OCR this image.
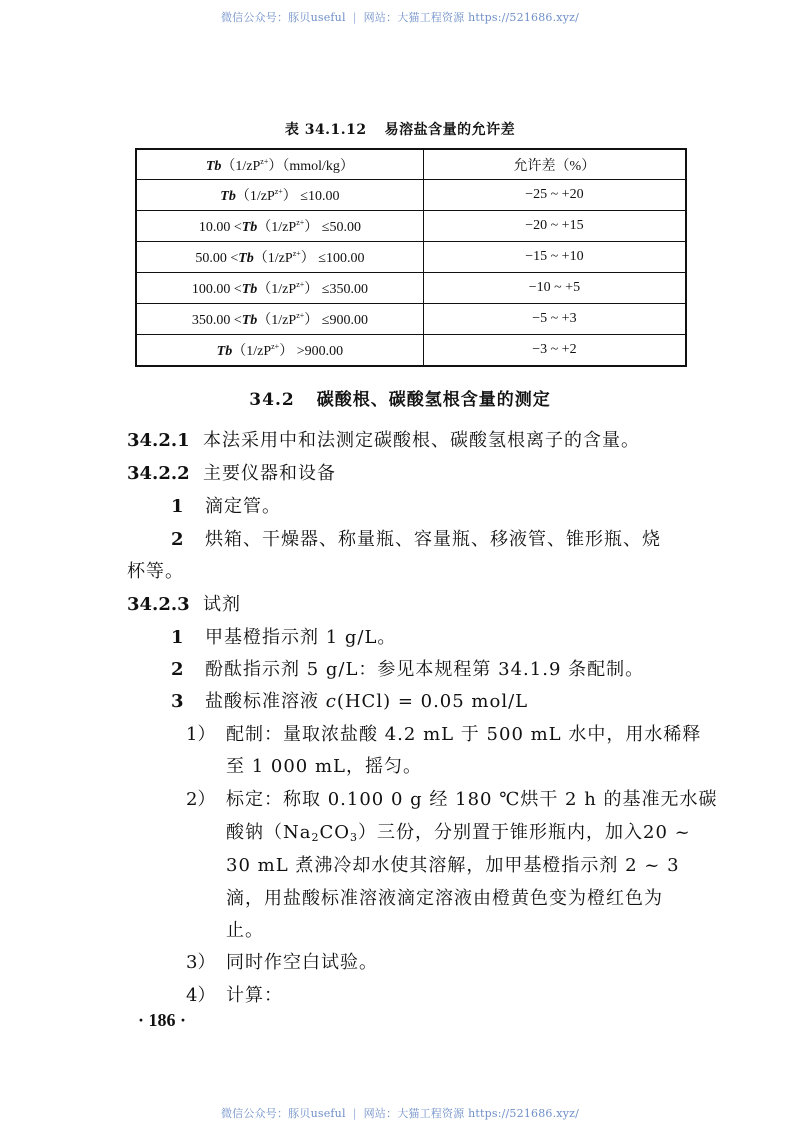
微信公众号：豚贝useful | 网站：大猫工程资源 https://521686.xyz/
表 34.1.12 易溶盐含量的允许差
$Tb(1/zP^{z+})(mmol/kg)$	允许差（%）
$Tb(1/zP^{z+}) \le 10.00$	−25 ~ +20
$10.00 <Tb(1/zP^{z+}) \le 50.00$	−20 ~ +15
$50.00 <Tb(1/zP^{z+}) \le 100.00$	−15 ~ +10
$100.00 <Tb(1/zP^{z+}) \le 350.00$	−10 ~ +5
$350.00 <Tb(1/zP^{z+}) \le 900.00$	−5 ~ +3
$Tb(1/zP^{z+}) >900.00$	−3 ~ +2
34.2 碳酸根、碳酸氢根含量的测定
34.2.1 本法采用中和法测定碳酸根、碳酸氢根离子的含量。
34.2.2 主要仪器和设备
1 滴定管。
2 烘箱、干燥器、称量瓶、容量瓶、移液管、锥形瓶、烧
杯等。
34.2.3 试剂
1 甲基橙指示剂 1 g/L。
2 酚酞指示剂 5 g/L：参见本规程第 34.1.9 条配制。
3 盐酸标准溶液 c(HCl) = 0.05 mol/L
1） 配制：量取浓盐酸 4.2 mL 于 500 mL 水中，用水稀释
至 1 000 mL，摇匀。
2） 标定：称取 0.100 0 g 经 180 ℃烘干 2 h 的基准无水碳
酸钠$(Na_2CO_3)$三份，分别置于锥形瓶内，加入20 ~
30 mL 煮沸冷却水使其溶解，加甲基橙指示剂 2 ~ 3
滴，用盐酸标准溶液滴定溶液由橙黄色变为橙红色为
止。
3） 同时作空白试验。
4） 计算：
· 186 ·
微信公众号：豚贝useful | 网站：大猫工程资源 https://521686.xyz/
